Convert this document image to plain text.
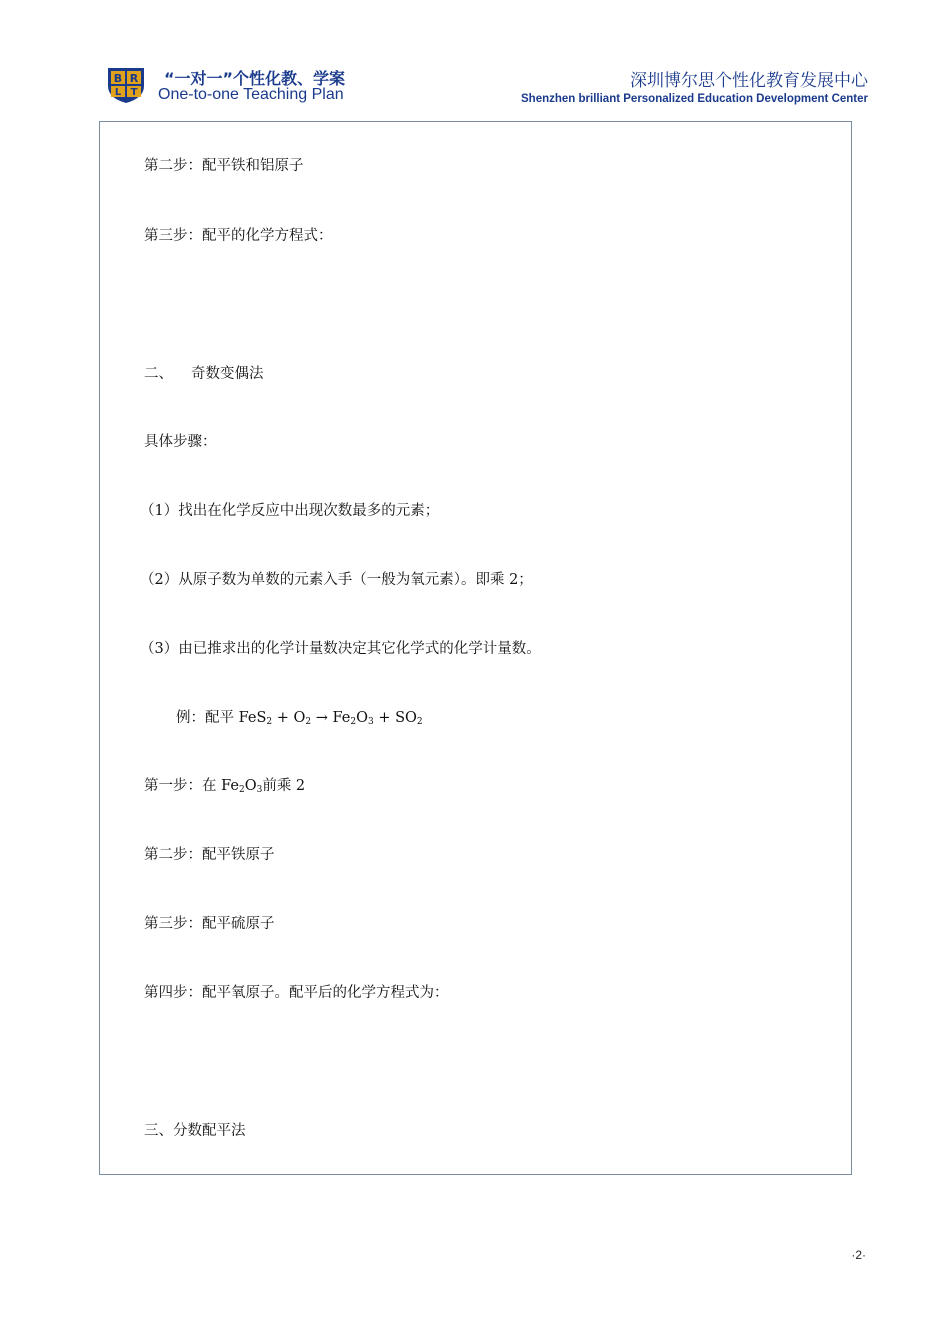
B R
L T
“一对一”个性化教、学案
One-to-one Teaching Plan
深圳博尔思个性化教育发展中心
Shenzhen brilliant Personalized Education Development Center
第二步：配平铁和铝原子
第三步：配平的化学方程式：
二、 奇数变偶法
具体步骤：
（1）找出在化学反应中出现次数最多的元素；
（2）从原子数为单数的元素入手（一般为氧元素）。即乘 2；
（3）由已推求出的化学计量数决定其它化学式的化学计量数。
例：配平 $FeS_2 + O_2 \to Fe_2O_3 + SO_2$
第一步：在 $Fe_2O_3$前乘 2
第二步：配平铁原子
第三步：配平硫原子
第四步：配平氧原子。配平后的化学方程式为：
三、分数配平法
·2·
